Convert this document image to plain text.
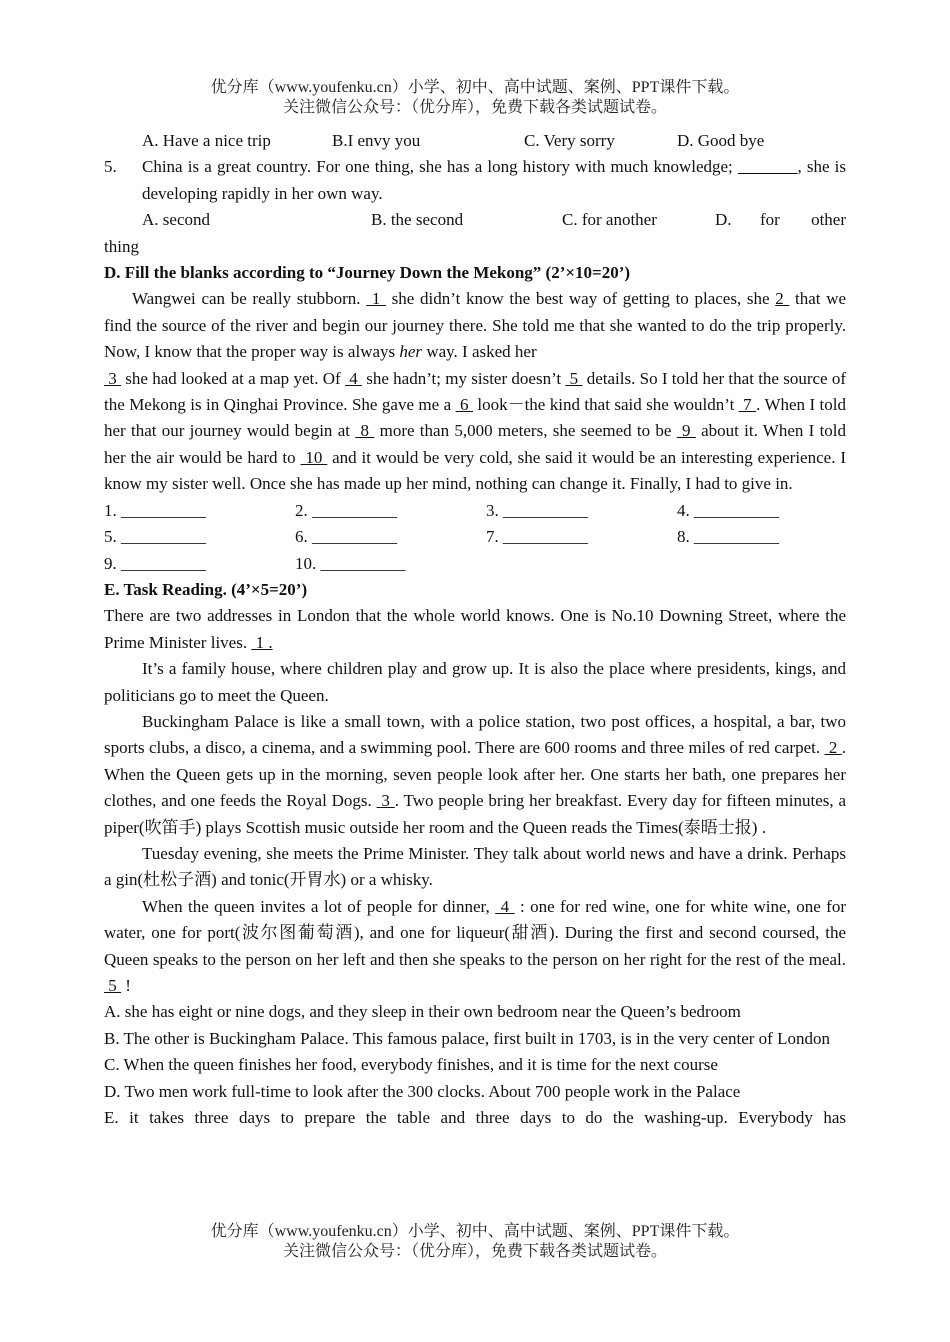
优分库（www.youfenku.cn）小学、初中、高中试题、案例、PPT课件下载。
关注微信公众号：（优分库），免费下载各类试题试卷。
A. Have a nice trip	B.I envy you	C. Very sorry	D. Good bye
5.	China is a great country. For one thing, she has a long history with much knowledge; _______, she is developing rapidly in her own way.
A. second	B. the second	C. for another	D.	for	other
thing
D. Fill the blanks according to “Journey Down the Mekong” (2’×10=20’)
Wangwei can be really stubborn.  1  she didn’t know the best way of getting to places, she 2  that we find the source of the river and begin our journey there. She told me that she wanted to do the trip properly. Now, I know that the proper way is always her way. I asked her
3  she had looked at a map yet. Of  4  she hadn’t; my sister doesn’t  5  details. So I told her that the source of the Mekong is in Qinghai Province. She gave me a  6  look－the kind that said she wouldn’t  7 . When I told her that our journey would begin at  8  more than 5,000 meters, she seemed to be  9  about it. When I told her the air would be hard to  10  and it would be very cold, she said it would be an interesting experience. I know my sister well. Once she has made up her mind, nothing can change it. Finally, I had to give in.
1. __________	2. __________	3. __________	4. __________
5. __________	6. __________	7. __________	8. __________
9. __________	10. __________
E. Task Reading. (4’×5=20’)
There are two addresses in London that the whole world knows. One is No.10 Downing Street, where the Prime Minister lives.  1 .
It’s a family house, where children play and grow up. It is also the place where presidents, kings, and politicians go to meet the Queen.
Buckingham Palace is like a small town, with a police station, two post offices, a hospital, a bar, two sports clubs, a disco, a cinema, and a swimming pool. There are 600 rooms and three miles of red carpet.  2 . When the Queen gets up in the morning, seven people look after her. One starts her bath, one prepares her clothes, and one feeds the Royal Dogs.  3 . Two people bring her breakfast. Every day for fifteen minutes, a piper(吹笛手) plays Scottish music outside her room and the Queen reads the Times(泰晤士报) .
Tuesday evening, she meets the Prime Minister. They talk about world news and have a drink. Perhaps a gin(杜松子酒) and tonic(开胃水) or a whisky.
When the queen invites a lot of people for dinner,  4  : one for red wine, one for white wine, one for water, one for port(波尔图葡萄酒), and one for liqueur(甜酒). During the first and second coursed, the Queen speaks to the person on her left and then she speaks to the person on her right for the rest of the meal. 5  !
A. she has eight or nine dogs, and they sleep in their own bedroom near the Queen’s bedroom
B. The other is Buckingham Palace. This famous palace, first built in 1703, is in the very center of London
C. When the queen finishes her food, everybody finishes, and it is time for the next course
D. Two men work full-time to look after the 300 clocks. About 700 people work in the Palace
E. it takes three days to prepare the table and three days to do the washing-up. Everybody has
优分库（www.youfenku.cn）小学、初中、高中试题、案例、PPT课件下载。
关注微信公众号：（优分库），免费下载各类试题试卷。
